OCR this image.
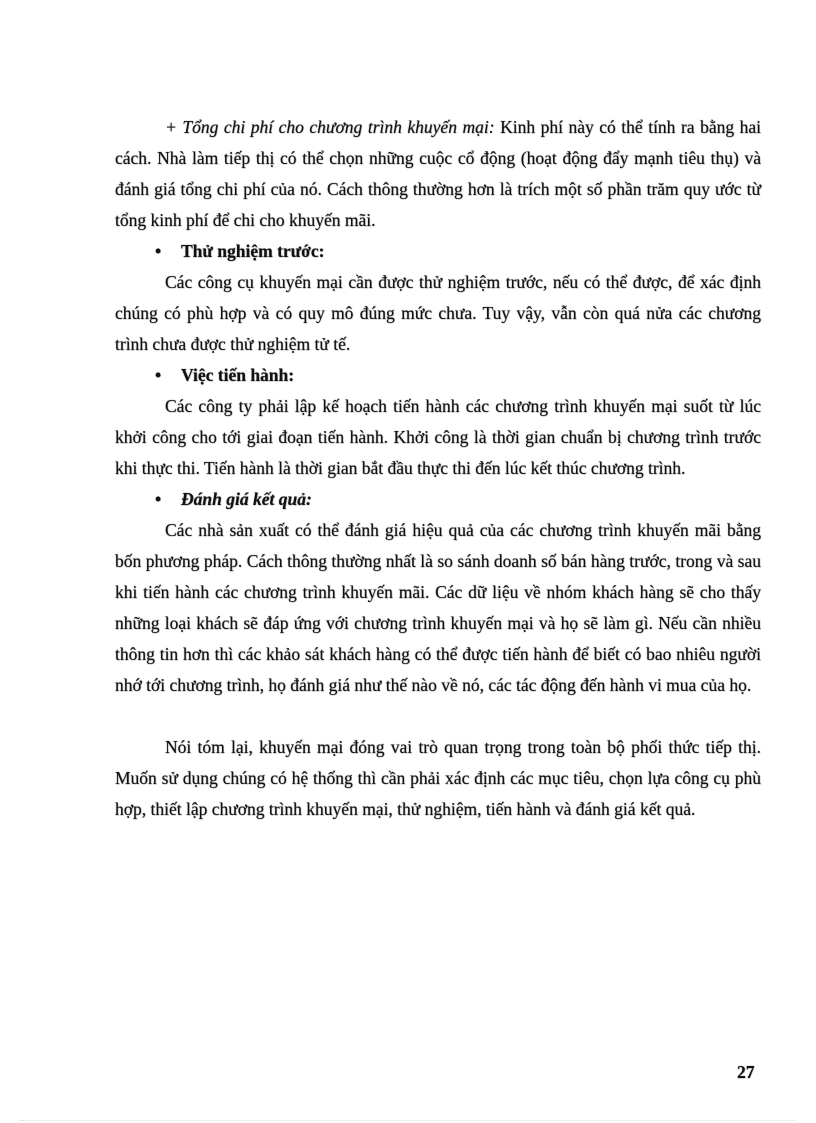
+ Tổng chi phí cho chương trình khuyến mại: Kinh phí này có thể tính ra bằng hai cách. Nhà làm tiếp thị có thể chọn những cuộc cổ động (hoạt động đẩy mạnh tiêu thụ) và đánh giá tổng chi phí của nó. Cách thông thường hơn là trích một số phần trăm quy ước từ tổng kinh phí để chi cho khuyến mãi.

• Thử nghiệm trước:

Các công cụ khuyến mại cần được thử nghiệm trước, nếu có thể được, để xác định chúng có phù hợp và có quy mô đúng mức chưa. Tuy vậy, vẫn còn quá nửa các chương trình chưa được thử nghiệm tử tế.

• Việc tiến hành:

Các công ty phải lập kế hoạch tiến hành các chương trình khuyến mại suốt từ lúc khởi công cho tới giai đoạn tiến hành. Khởi công là thời gian chuẩn bị chương trình trước khi thực thi. Tiến hành là thời gian bắt đầu thực thi đến lúc kết thúc chương trình.

• Đánh giá kết quả:

Các nhà sản xuất có thể đánh giá hiệu quả của các chương trình khuyến mãi bằng bốn phương pháp. Cách thông thường nhất là so sánh doanh số bán hàng trước, trong và sau khi tiến hành các chương trình khuyến mãi. Các dữ liệu về nhóm khách hàng sẽ cho thấy những loại khách sẽ đáp ứng với chương trình khuyến mại và họ sẽ làm gì. Nếu cần nhiều thông tin hơn thì các khảo sát khách hàng có thể được tiến hành để biết có bao nhiêu người nhớ tới chương trình, họ đánh giá như thế nào về nó, các tác động đến hành vi mua của họ.

Nói tóm lại, khuyến mại đóng vai trò quan trọng trong toàn bộ phối thức tiếp thị. Muốn sử dụng chúng có hệ thống thì cần phải xác định các mục tiêu, chọn lựa công cụ phù hợp, thiết lập chương trình khuyến mại, thử nghiệm, tiến hành và đánh giá kết quả.

27
